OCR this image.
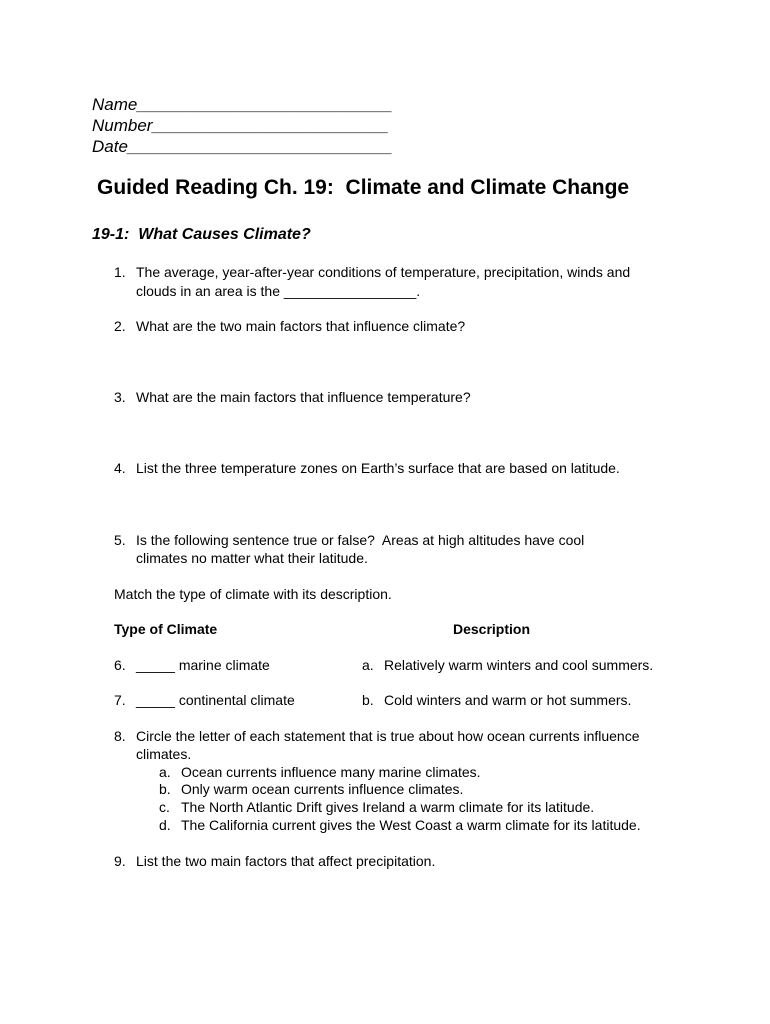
Name___________________________
Number_________________________
Date____________________________
Guided Reading Ch. 19:  Climate and Climate Change
19-1:  What Causes Climate?
1. The average, year-after-year conditions of temperature, precipitation, winds and
clouds in an area is the _________________.
2. What are the two main factors that influence climate?
3. What are the main factors that influence temperature?
4. List the three temperature zones on Earth’s surface that are based on latitude.
5. Is the following sentence true or false?  Areas at high altitudes have cool
climates no matter what their latitude.
Match the type of climate with its description.
Type of Climate	Description
6. _____ marine climate	a. Relatively warm winters and cool summers.
7. _____ continental climate	b. Cold winters and warm or hot summers.
8. Circle the letter of each statement that is true about how ocean currents influence
climates.
a. Ocean currents influence many marine climates.
b. Only warm ocean currents influence climates.
c. The North Atlantic Drift gives Ireland a warm climate for its latitude.
d. The California current gives the West Coast a warm climate for its latitude.
9. List the two main factors that affect precipitation.
